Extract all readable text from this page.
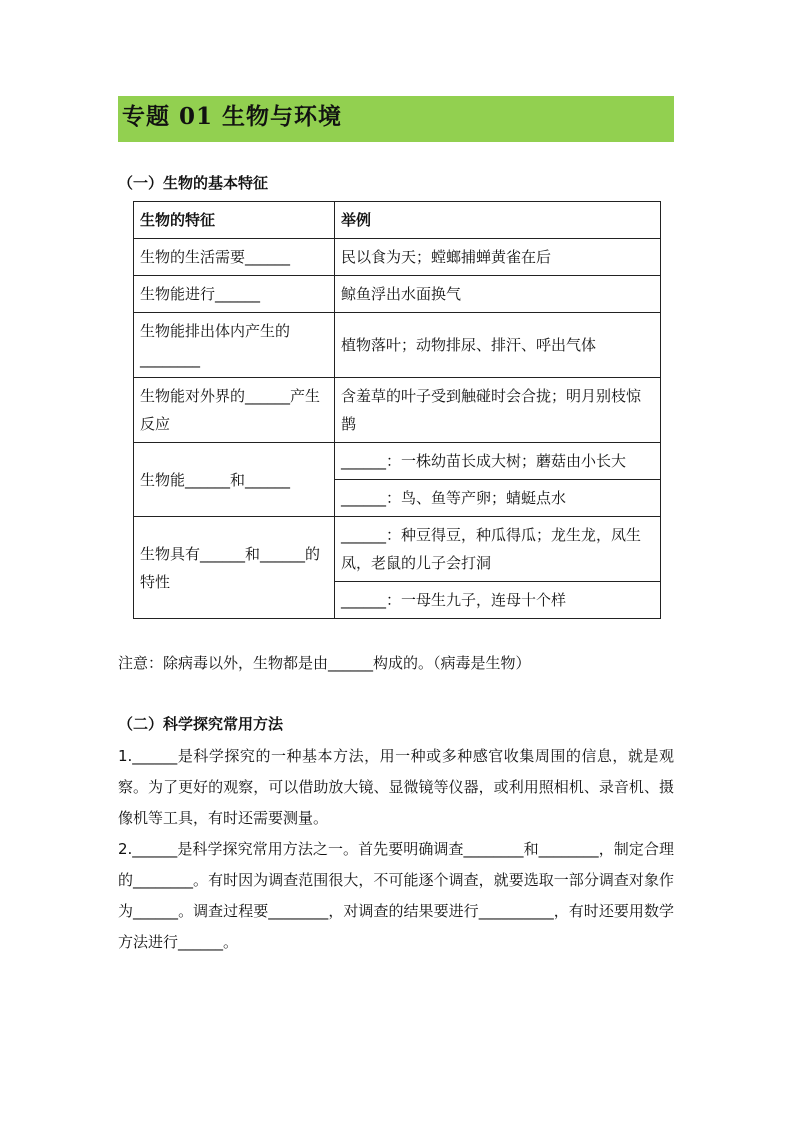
专题 01 生物与环境
（一）生物的基本特征
生物的特征	举例
生物的生活需要______	民以食为天；螳螂捕蝉黄雀在后
生物能进行______	鲸鱼浮出水面换气
生物能排出体内产生的________	植物落叶；动物排尿、排汗、呼出气体
生物能对外界的______产生反应	含羞草的叶子受到触碰时会合拢；明月别枝惊鹊
生物能______和______	______：一株幼苗长成大树；蘑菇由小长大
	______：鸟、鱼等产卵；蜻蜓点水
生物具有______和______的特性	______：种豆得豆，种瓜得瓜；龙生龙，凤生凤，老鼠的儿子会打洞
	______：一母生九子，连母十个样
注意：除病毒以外，生物都是由______构成的。（病毒是生物）
（二）科学探究常用方法
1.______是科学探究的一种基本方法，用一种或多种感官收集周围的信息，就是观察。为了更好的观察，可以借助放大镜、显微镜等仪器，或利用照相机、录音机、摄像机等工具，有时还需要测量。
2.______是科学探究常用方法之一。首先要明确调查________和________，制定合理的________。有时因为调查范围很大，不可能逐个调查，就要选取一部分调查对象作为______。调查过程要________，对调查的结果要进行__________，有时还要用数学方法进行______。
